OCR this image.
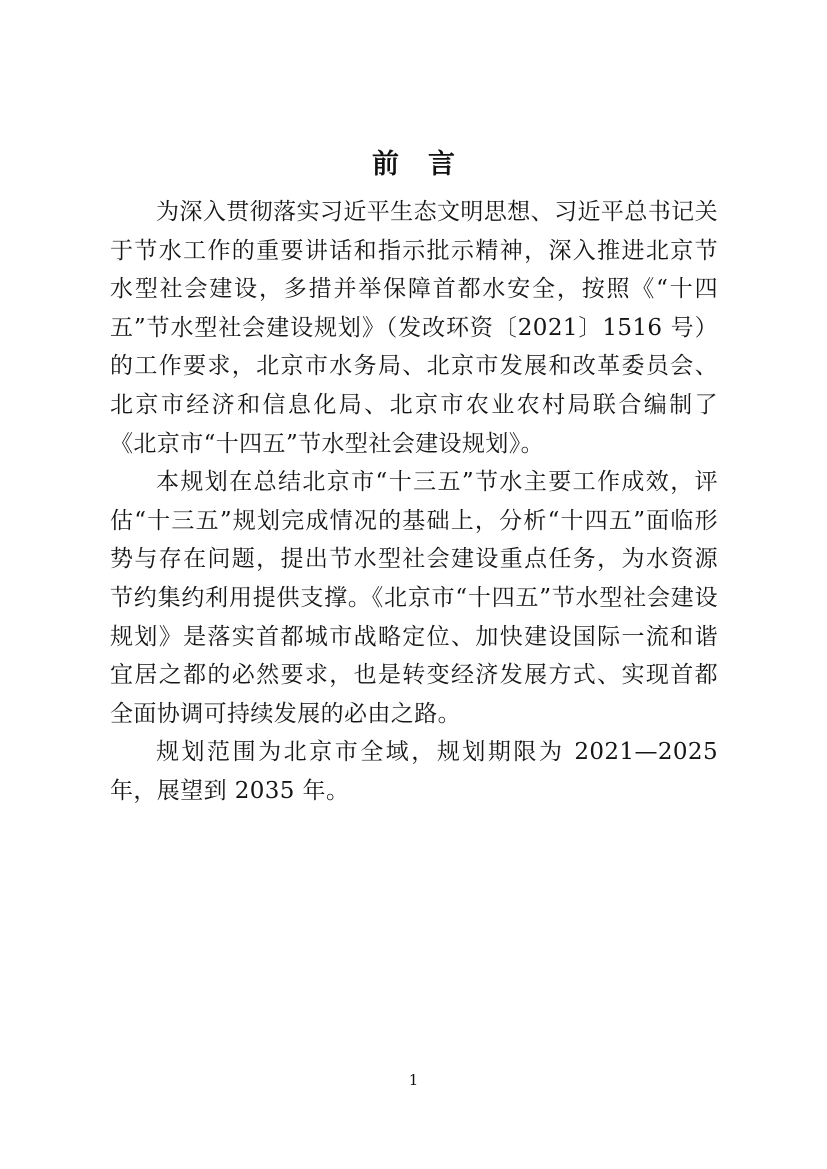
前　言

为深入贯彻落实习近平生态文明思想、习近平总书记关于节水工作的重要讲话和指示批示精神，深入推进北京节水型社会建设，多措并举保障首都水安全，按照《“十四五”节水型社会建设规划》（发改环资〔2021〕1516 号）的工作要求，北京市水务局、北京市发展和改革委员会、北京市经济和信息化局、北京市农业农村局联合编制了《北京市“十四五”节水型社会建设规划》。

本规划在总结北京市“十三五”节水主要工作成效，评估“十三五”规划完成情况的基础上，分析“十四五”面临形势与存在问题，提出节水型社会建设重点任务，为水资源节约集约利用提供支撑。《北京市“十四五”节水型社会建设规划》是落实首都城市战略定位、加快建设国际一流和谐宜居之都的必然要求，也是转变经济发展方式、实现首都全面协调可持续发展的必由之路。

规划范围为北京市全域，规划期限为 2021—2025 年，展望到 2035 年。

1
